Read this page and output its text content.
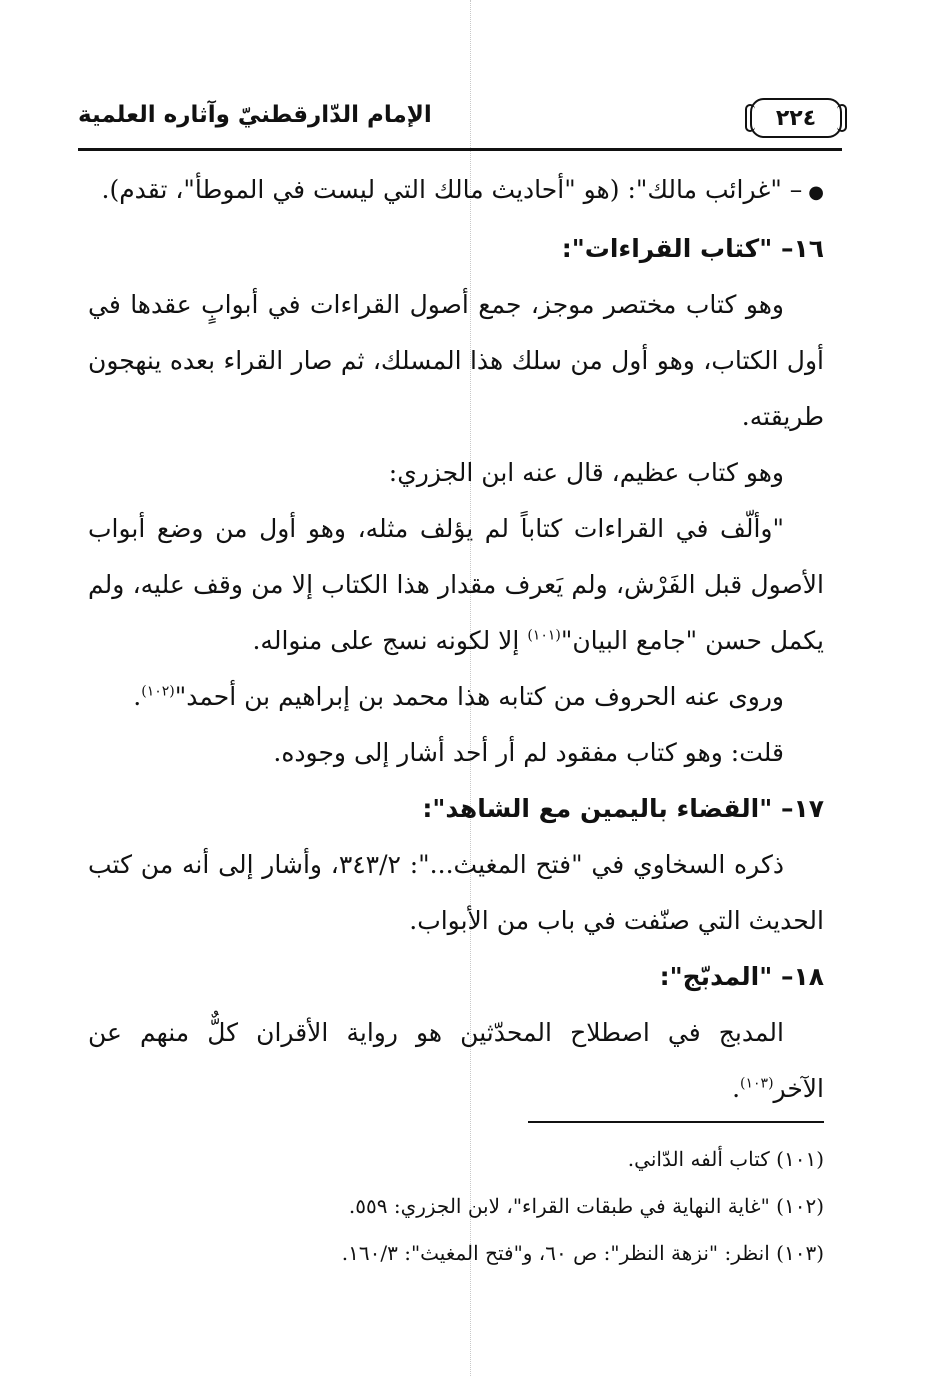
٢٢٤
الإمام الدّارقطنيّ وآثاره العلمية

● – "غرائب مالك": (هو "أحاديث مالك التي ليست في الموطأ"، تقدم).

١٦– "كتاب القراءات":

وهو كتاب مختصر موجز، جمع أصول القراءات في أبوابٍ عقدها في أول الكتاب، وهو أول من سلك هذا المسلك، ثم صار القراء بعده ينهجون طريقته.

وهو كتاب عظيم، قال عنه ابن الجزري:

"وألّف في القراءات كتاباً لم يؤلف مثله، وهو أول من وضع أبواب الأصول قبل الفَرْش، ولم يَعرف مقدار هذا الكتاب إلا من وقف عليه، ولم يكمل حسن "جامع البيان"$^{(١٠١)}$ إلا لكونه نسج على منواله.

وروى عنه الحروف من كتابه هذا محمد بن إبراهيم بن أحمد"$^{(١٠٢)}$.

قلت: وهو كتاب مفقود لم أر أحد أشار إلى وجوده.

١٧– "القضاء باليمين مع الشاهد":

ذكره السخاوي في "فتح المغيث...": ٣٤٣/٢، وأشار إلى أنه من كتب الحديث التي صنّفت في باب من الأبواب.

١٨– "المدبّج":

المدبج في اصطلاح المحدّثين هو رواية الأقران كلٌّ منهم عن الآخر$^{(١٠٣)}$.

(١٠١) كتاب ألفه الدّاني.

(١٠٢) "غاية النهاية في طبقات القراء"، لابن الجزري: ٥٥٩.

(١٠٣) انظر: "نزهة النظر": ص ٦٠، و"فتح المغيث": ١٦٠/٣.
